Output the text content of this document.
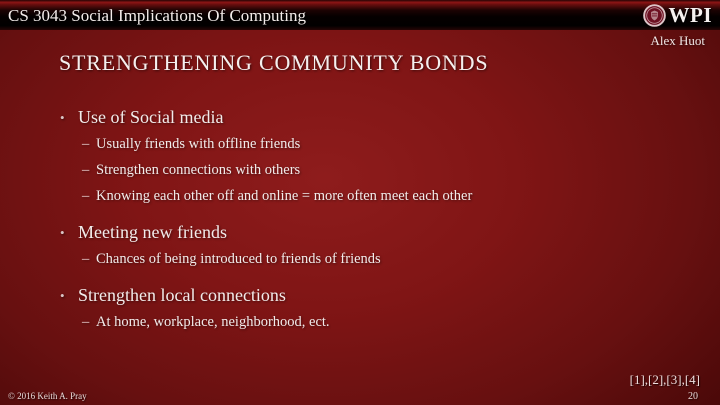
CS 3043 Social Implications Of Computing	WPI
Alex Huot
STRENGTHENING COMMUNITY BONDS
• Use of Social media
– Usually friends with offline friends
– Strengthen connections with others
– Knowing each other off and online = more often meet each other
• Meeting new friends
– Chances of being introduced to friends of friends
• Strengthen local connections
– At home, workplace, neighborhood, ect.
© 2016 Keith A. Pray
[1],[2],[3],[4]
20
